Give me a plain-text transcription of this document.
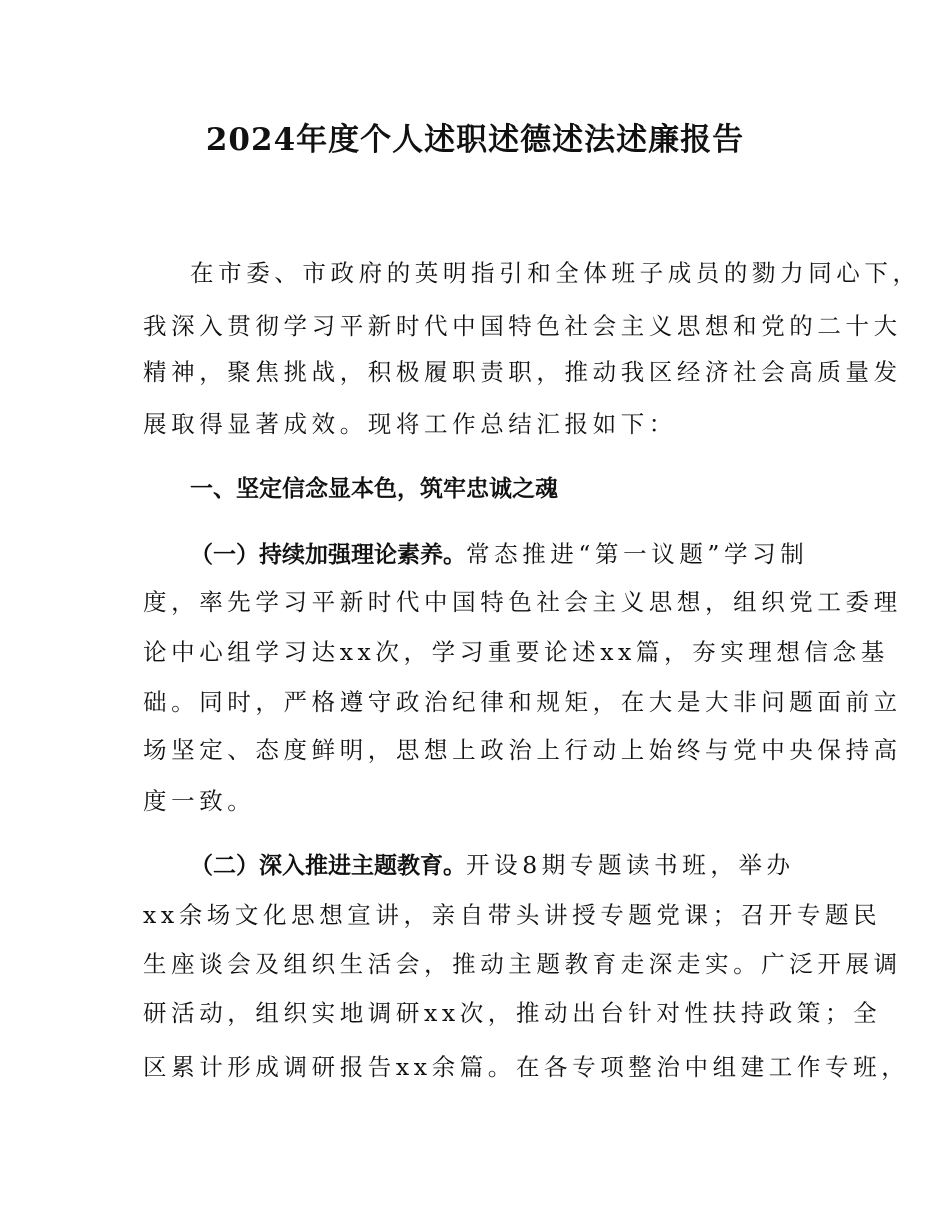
2024年度个人述职述德述法述廉报告
在市委、市政府的英明指引和全体班子成员的勠力同心下，
我深入贯彻学习平新时代中国特色社会主义思想和党的二十大
精神，聚焦挑战，积极履职责职，推动我区经济社会高质量发
展取得显著成效。现将工作总结汇报如下：
一、坚定信念显本色，筑牢忠诚之魂
（一）持续加强理论素养。常态推进“第一议题”学习制
度，率先学习平新时代中国特色社会主义思想，组织党工委理
论中心组学习达xx次，学习重要论述xx篇，夯实理想信念基
础。同时，严格遵守政治纪律和规矩，在大是大非问题面前立
场坚定、态度鲜明，思想上政治上行动上始终与党中央保持高
度一致。
（二）深入推进主题教育。开设8期专题读书班，举办
xx余场文化思想宣讲，亲自带头讲授专题党课；召开专题民
生座谈会及组织生活会，推动主题教育走深走实。广泛开展调
研活动，组织实地调研xx次，推动出台针对性扶持政策；全
区累计形成调研报告xx余篇。在各专项整治中组建工作专班，
